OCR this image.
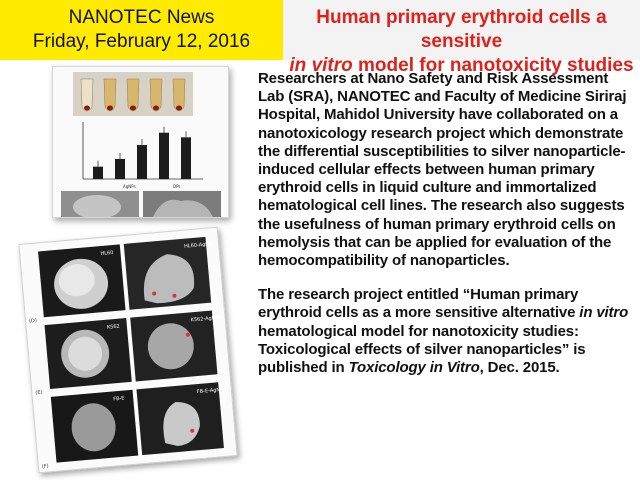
NANOTEC News
Friday, February 12, 2016
Human primary erythroid cells a sensitive
in vitro model for nanotoxicity studies

Researchers at Nano Safety and Risk Assessment Lab (SRA), NANOTEC and Faculty of Medicine Siriraj Hospital, Mahidol University have collaborated on a nanotoxicology research project which demonstrate the differential susceptibilities to silver nanoparticle-induced cellular effects between human primary erythroid cells in liquid culture and immortalized hematological cell lines. The research also suggests the usefulness of human primary erythroid cells on hemolysis that can be applied for evaluation of the hemocompatibility of nanoparticles.

The research project entitled “Human primary erythroid cells as a more sensitive alternative in vitro hematological model for nanotoxicity studies: Toxicological effects of silver nanoparticles” is published in Toxicology in Vitro, Dec. 2015.

AgNPs	DPs
HL60
HL60-AgNPs
K562
K562-AgNPs
FB-E
FB-E-AgNPs
(D)
(E)
(F)
